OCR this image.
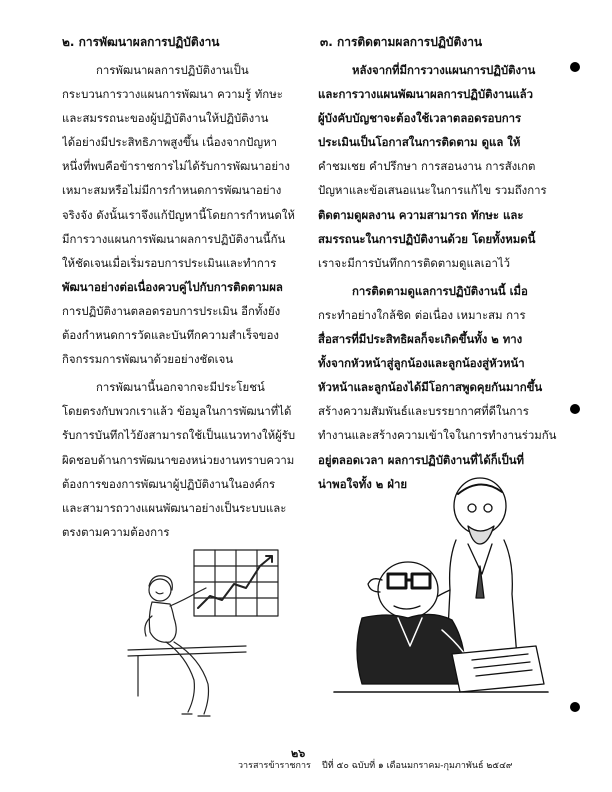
๒. การพัฒนาผลการปฏิบัติงาน

การพัฒนาผลการปฏิบัติงานเป็น

กระบวนการวางแผนการพัฒนา ความรู้ ทักษะ

และสมรรถนะของผู้ปฏิบัติงานให้ปฏิบัติงาน

ได้อย่างมีประสิทธิภาพสูงขึ้น เนื่องจากปัญหา

หนึ่งที่พบคือข้าราชการไม่ได้รับการพัฒนาอย่าง

เหมาะสมหรือไม่มีการกำหนดการพัฒนาอย่าง

จริงจัง ดังนั้นเราจึงแก้ปัญหานี้โดยการกำหนดให้

มีการวางแผนการพัฒนาผลการปฏิบัติงานนี้กัน

ให้ชัดเจนเมื่อเริ่มรอบการประเมินและทำการ

พัฒนาอย่างต่อเนื่องควบคู่ไปกับการติดตามผล

การปฏิบัติงานตลอดรอบการประเมิน อีกทั้งยัง

ต้องกำหนดการวัดและบันทึกความสำเร็จของ

กิจกรรมการพัฒนาด้วยอย่างชัดเจน

การพัฒนานี้นอกจากจะมีประโยชน์

โดยตรงกับพวกเราแล้ว ข้อมูลในการพัฒนาที่ได้

รับการบันทึกไว้ยังสามารถใช้เป็นแนวทางให้ผู้รับ

ผิดชอบด้านการพัฒนาของหน่วยงานทราบความ

ต้องการของการพัฒนาผู้ปฏิบัติงานในองค์กร

และสามารถวางแผนพัฒนาอย่างเป็นระบบและ

ตรงตามความต้องการ

๓. การติดตามผลการปฏิบัติงาน

หลังจากที่มีการวางแผนการปฏิบัติงาน

และการวางแผนพัฒนาผลการปฏิบัติงานแล้ว

ผู้บังคับบัญชาจะต้องใช้เวลาตลอดรอบการ

ประเมินเป็นโอกาสในการติดตาม ดูแล ให้

คำชมเชย คำปรึกษา การสอนงาน การสังเกต

ปัญหาและข้อเสนอแนะในการแก้ไข รวมถึงการ

ติดตามดูผลงาน ความสามารถ ทักษะ และ

สมรรถนะในการปฏิบัติงานด้วย โดยทั้งหมดนี้

เราจะมีการบันทึกการติดตามดูแลเอาไว้

การติดตามดูแลการปฏิบัติงานนี้ เมื่อ

กระทำอย่างใกล้ชิด ต่อเนื่อง เหมาะสม การ

สื่อสารที่มีประสิทธิผลก็จะเกิดขึ้นทั้ง ๒ ทาง

ทั้งจากหัวหน้าสู่ลูกน้องและลูกน้องสู่หัวหน้า

หัวหน้าและลูกน้องได้มีโอกาสพูดคุยกันมากขึ้น

สร้างความสัมพันธ์และบรรยากาศที่ดีในการ

ทำงานและสร้างความเข้าใจในการทำงานร่วมกัน

อยู่ตลอดเวลา ผลการปฏิบัติงานที่ได้ก็เป็นที่

น่าพอใจทั้ง ๒ ฝ่าย

๒๖
วารสารข้าราชการ ปีที่ ๕๐ ฉบับที่ ๑ เดือนมกราคม-กุมภาพันธ์ ๒๕๔๙
